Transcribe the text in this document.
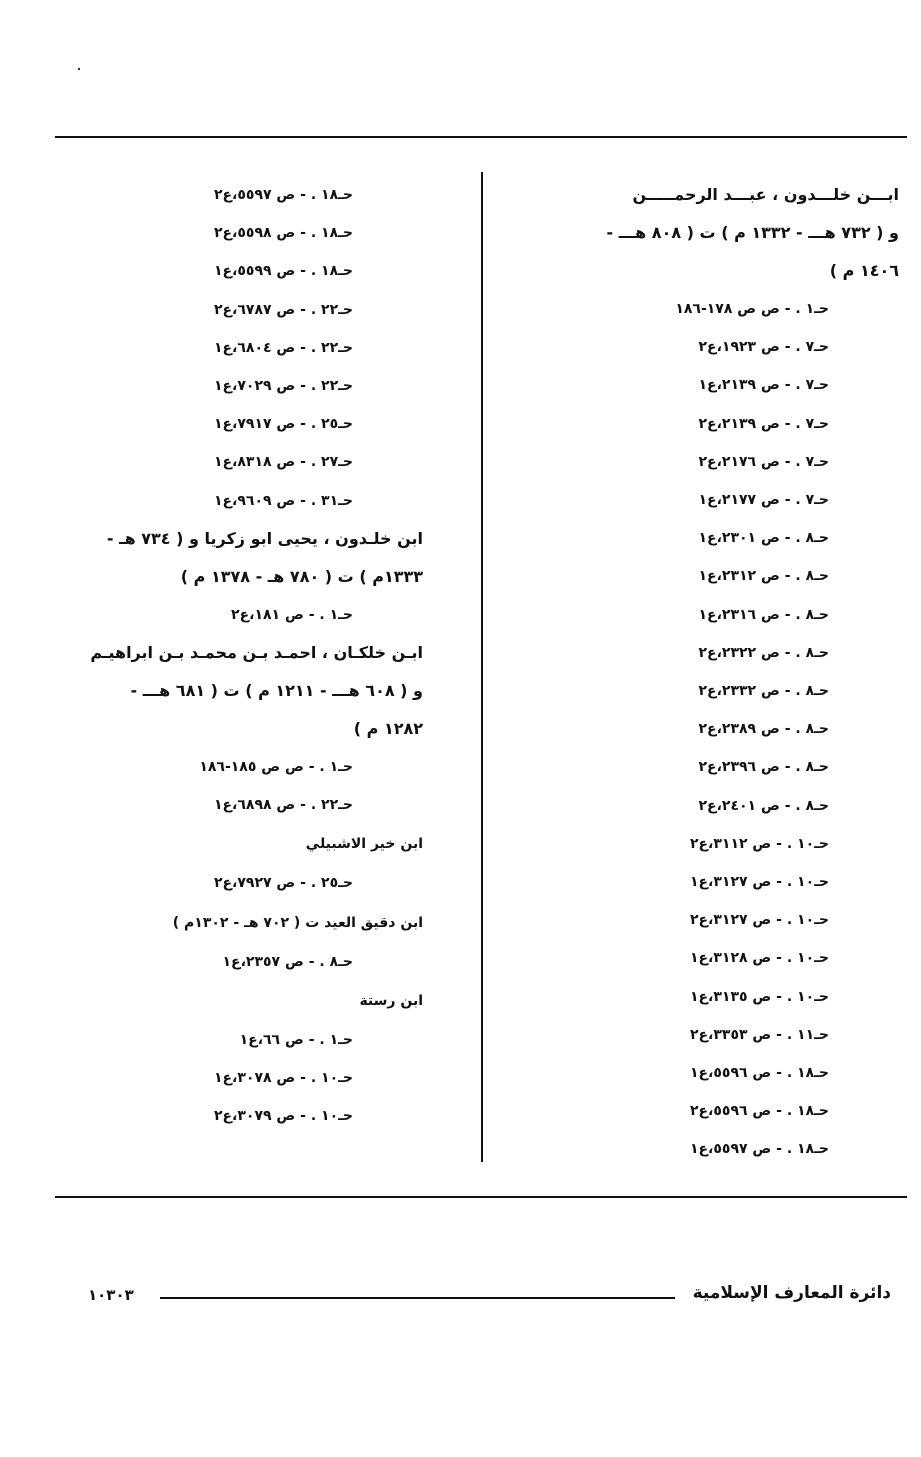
ابـــن خلـــدون ، عبـــد الرحمـــــن
و ( ٧٣٢ هـــ - ١٣٣٢ م ) ت ( ٨٠٨ هـــ -
١٤٠٦ م )
حـ١ . - ص ص ١٧٨-١٨٦
حـ٧ . - ص ١٩٢٣،ع٢
حـ٧ . - ص ٢١٣٩،ع١
حـ٧ . - ص ٢١٣٩،ع٢
حـ٧ . - ص ٢١٧٦،ع٢
حـ٧ . - ص ٢١٧٧،ع١
حـ٨ . - ص ٢٣٠١،ع١
حـ٨ . - ص ٢٣١٢،ع١
حـ٨ . - ص ٢٣١٦،ع١
حـ٨ . - ص ٢٣٢٢،ع٢
حـ٨ . - ص ٢٣٣٢،ع٢
حـ٨ . - ص ٢٣٨٩،ع٢
حـ٨ . - ص ٢٣٩٦،ع٢
حـ٨ . - ص ٢٤٠١،ع٢
حـ١٠ . - ص ٣١١٢،ع٢
حـ١٠ . - ص ٣١٢٧،ع١
حـ١٠ . - ص ٣١٢٧،ع٢
حـ١٠ . - ص ٣١٢٨،ع١
حـ١٠ . - ص ٣١٣٥،ع١
حـ١١ . - ص ٣٣٥٣،ع٢
حـ١٨ . - ص ٥٥٩٦،ع١
حـ١٨ . - ص ٥٥٩٦،ع٢
حـ١٨ . - ص ٥٥٩٧،ع١
حـ١٨ . - ص ٥٥٩٧،ع٢
حـ١٨ . - ص ٥٥٩٨،ع٢
حـ١٨ . - ص ٥٥٩٩،ع١
حـ٢٢ . - ص ٦٧٨٧،ع٢
حـ٢٢ . - ص ٦٨٠٤،ع١
حـ٢٢ . - ص ٧٠٢٩،ع١
حـ٢٥ . - ص ٧٩١٧،ع١
حـ٢٧ . - ص ٨٣١٨،ع١
حـ٣١ . - ص ٩٦٠٩،ع١
ابن خلـدون ، يحيى ابو زكريا و ( ٧٣٤ هـ -
١٣٣٣م ) ت ( ٧٨٠ هـ - ١٣٧٨ م )
حـ١ . - ص ١٨١،ع٢
ابـن خلكـان ، احمـد بـن محمـد بـن ابراهيـم
و ( ٦٠٨ هـــ - ١٢١١ م ) ت ( ٦٨١ هـــ -
١٢٨٢ م )
حـ١ . - ص ص ١٨٥-١٨٦
حـ٢٢ . - ص ٦٨٩٨،ع١
ابن خير الاشبيلي
حـ٢٥ . - ص ٧٩٢٧،ع٢
ابن دقيق العيد ت ( ٧٠٢ هـ - ١٣٠٢م )
حـ٨ . - ص ٢٣٥٧،ع١
ابن رستة
حـ١ . - ص ٦٦،ع١
حـ١٠ . - ص ٣٠٧٨،ع١
حـ١٠ . - ص ٣٠٧٩،ع٢
دائرة المعارف الإسلامية
١٠٣٠٣
